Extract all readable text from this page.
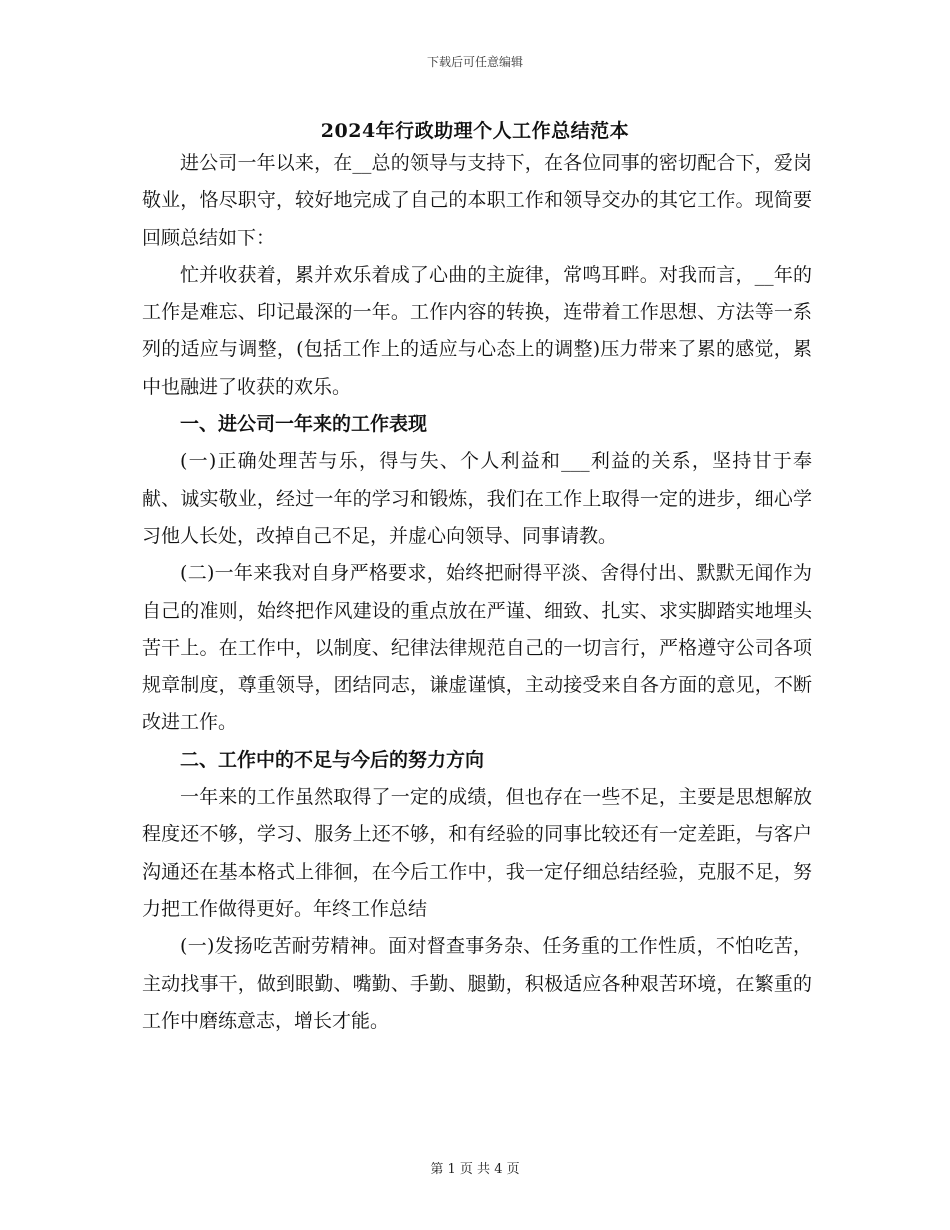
下载后可任意编辑
2024年行政助理个人工作总结范本

进公司一年以来，在__总的领导与支持下，在各位同事的密切配合下，爱岗敬业，恪尽职守，较好地完成了自己的本职工作和领导交办的其它工作。现简要回顾总结如下：

忙并收获着，累并欢乐着成了心曲的主旋律，常鸣耳畔。对我而言，__年的工作是难忘、印记最深的一年。工作内容的转换，连带着工作思想、方法等一系列的适应与调整，(包括工作上的适应与心态上的调整)压力带来了累的感觉，累中也融进了收获的欢乐。

一、进公司一年来的工作表现

(一)正确处理苦与乐，得与失、个人利益和___利益的关系，坚持甘于奉献、诚实敬业，经过一年的学习和锻炼，我们在工作上取得一定的进步，细心学习他人长处，改掉自己不足，并虚心向领导、同事请教。

(二)一年来我对自身严格要求，始终把耐得平淡、舍得付出、默默无闻作为自己的准则，始终把作风建设的重点放在严谨、细致、扎实、求实脚踏实地埋头苦干上。在工作中，以制度、纪律法律规范自己的一切言行，严格遵守公司各项规章制度，尊重领导，团结同志，谦虚谨慎，主动接受来自各方面的意见，不断改进工作。

二、工作中的不足与今后的努力方向

一年来的工作虽然取得了一定的成绩，但也存在一些不足，主要是思想解放程度还不够，学习、服务上还不够，和有经验的同事比较还有一定差距，与客户沟通还在基本格式上徘徊，在今后工作中，我一定仔细总结经验，克服不足，努力把工作做得更好。年终工作总结

(一)发扬吃苦耐劳精神。面对督查事务杂、任务重的工作性质，不怕吃苦，主动找事干，做到眼勤、嘴勤、手勤、腿勤，积极适应各种艰苦环境，在繁重的工作中磨练意志，增长才能。

第 1 页 共 4 页
